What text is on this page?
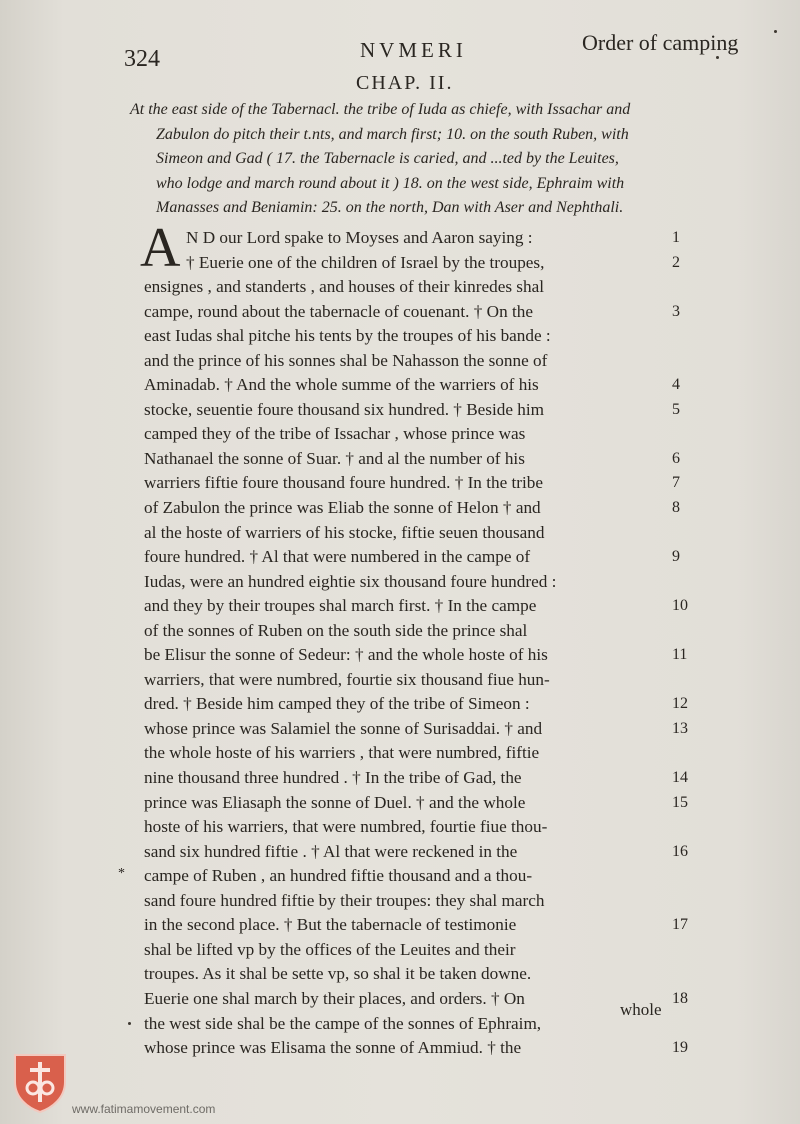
324	NVMERI	Order of camping
CHAP. II.
At the east side of the Tabernacl. the tribe of Iuda as chiefe, with Issachar and
Zabulon do pitch their t.nts, and march first; 10. on the south Ruben, with
Simeon and Gad ( 17. the Tabernacle is caried, and ...ted by the Leuites,
who lodge and march round about it ) 18. on the west side, Ephraim with
Manasses and Beniamin: 25. on the north, Dan with Aser and Nephthali.
A N D our Lord spake to Moyses and Aaron saying :
† Euerie one of the children of Israel by the troupes,
ensignes , and standerts , and houses of their kinredes shal
campe, round about the tabernacle of couenant. † On the
east Iudas shal pitche his tents by the troupes of his bande :
and the prince of his sonnes shal be Nahasson the sonne of
Aminadab. † And the whole summe of the warriers of his
stocke, seuentie foure thousand six hundred. † Beside him
camped they of the tribe of Issachar , whose prince was
Nathanael the sonne of Suar. † and al the number of his
warriers fiftie foure thousand foure hundred. † In the tribe
of Zabulon the prince was Eliab the sonne of Helon † and
al the hoste of warriers of his stocke, fiftie seuen thousand
foure hundred. † Al that were numbered in the campe of
Iudas, were an hundred eightie six thousand foure hundred :
and they by their troupes shal march first. † In the campe
of the sonnes of Ruben on the south side the prince shal
be Elisur the sonne of Sedeur: † and the whole hoste of his
warriers, that were numbred, fourtie six thousand fiue hun-
dred. † Beside him camped they of the tribe of Simeon :
whose prince was Salamiel the sonne of Surisaddai. † and
the whole hoste of his warriers , that were numbred, fiftie
nine thousand three hundred . † In the tribe of Gad, the
prince was Eliasaph the sonne of Duel. † and the whole
hoste of his warriers, that were numbred, fourtie fiue thou-
sand six hundred fiftie . † Al that were reckened in the
campe of Ruben , an hundred fiftie thousand and a thou-
sand foure hundred fiftie by their troupes: they shal march
in the second place. † But the tabernacle of testimonie
shal be lifted vp by the offices of the Leuites and their
troupes. As it shal be sette vp, so shal it be taken downe.
Euerie one shal march by their places, and orders. † On
the west side shal be the campe of the sonnes of Ephraim,
whose prince was Elisama the sonne of Ammiud. † the
1
2
3
4
5
6
7
8
9
10
11
12
13
14
15
16
17
18
19
*
whole
www.fatimamovement.com
